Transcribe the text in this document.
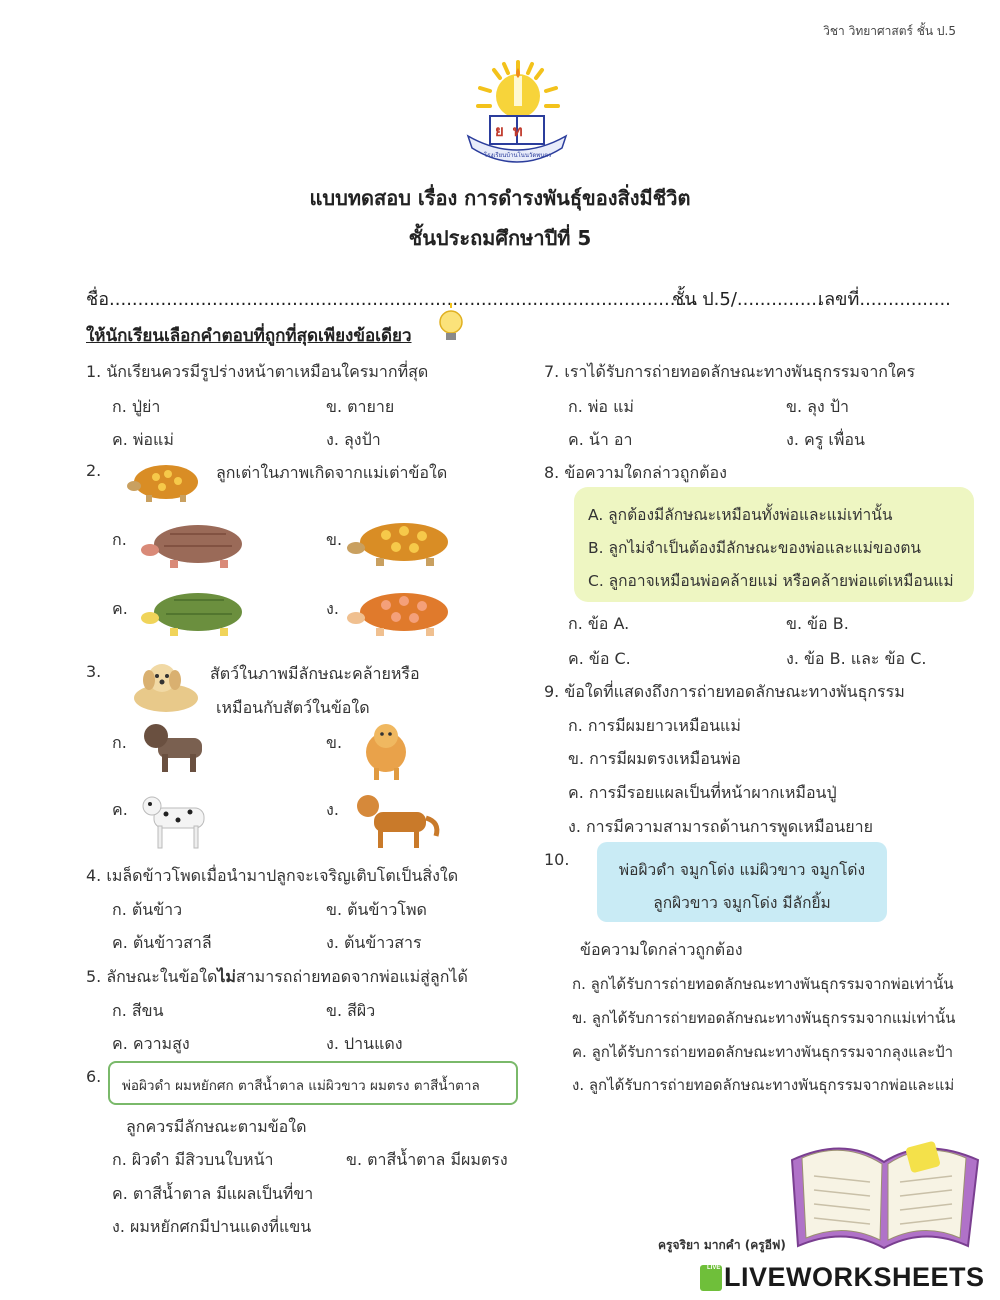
วิชา วิทยาศาสตร์ ชั้น ป.5
ยท
โรงเรียนบ้านโนนวัดพนตร
แบบทดสอบ เรื่อง การดำรงพันธุ์ของสิ่งมีชีวิต
ชั้นประถมศึกษาปีที่ 5
ชื่อ.......................................................................................................
ชั้น ป.5/...............
เลขที่................
ให้นักเรียนเลือกคำตอบที่ถูกที่สุดเพียงข้อเดียว
1. นักเรียนควรมีรูปร่างหน้าตาเหมือนใครมากที่สุด
ก. ปู่ย่า	ข. ตายาย
ค. พ่อแม่	ง. ลุงป้า
2.	ลูกเต่าในภาพเกิดจากแม่เต่าข้อใด
ก.	ข.
ค.	ง.
3.	สัตว์ในภาพมีลักษณะคล้ายหรือ
เหมือนกับสัตว์ในข้อใด
ก.	ข.
ค.	ง.
4. เมล็ดข้าวโพดเมื่อนำมาปลูกจะเจริญเติบโตเป็นสิ่งใด
ก. ต้นข้าว	ข. ต้นข้าวโพด
ค. ต้นข้าวสาลี	ง. ต้นข้าวสาร
5. ลักษณะในข้อใดไม่สามารถถ่ายทอดจากพ่อแม่สู่ลูกได้
ก. สีขน	ข. สีผิว
ค. ความสูง	ง. ปานแดง
6. พ่อผิวดำ ผมหยักศก ตาสีน้ำตาล แม่ผิวขาว ผมตรง ตาสีน้ำตาล
ลูกควรมีลักษณะตามข้อใด
ก. ผิวดำ มีสิวบนใบหน้า	ข. ตาสีน้ำตาล มีผมตรง
ค. ตาสีน้ำตาล มีแผลเป็นที่ขา
ง. ผมหยักศกมีปานแดงที่แขน
7. เราได้รับการถ่ายทอดลักษณะทางพันธุกรรมจากใคร
ก. พ่อ แม่	ข. ลุง ป้า
ค. น้า อา	ง. ครู เพื่อน
8. ข้อความใดกล่าวถูกต้อง
A. ลูกต้องมีลักษณะเหมือนทั้งพ่อและแม่เท่านั้น
B. ลูกไม่จำเป็นต้องมีลักษณะของพ่อและแม่ของตน
C. ลูกอาจเหมือนพ่อคล้ายแม่ หรือคล้ายพ่อแต่เหมือนแม่
ก. ข้อ A.	ข. ข้อ B.
ค. ข้อ C.	ง. ข้อ B. และ ข้อ C.
9. ข้อใดที่แสดงถึงการถ่ายทอดลักษณะทางพันธุกรรม
ก. การมีผมยาวเหมือนแม่
ข. การมีผมตรงเหมือนพ่อ
ค. การมีรอยแผลเป็นที่หน้าผากเหมือนปู่
ง. การมีความสามารถด้านการพูดเหมือนยาย
10.
พ่อผิวดำ จมูกโด่ง แม่ผิวขาว จมูกโด่ง
ลูกผิวขาว จมูกโด่ง มีลักยิ้ม
ข้อความใดกล่าวถูกต้อง
ก. ลูกได้รับการถ่ายทอดลักษณะทางพันธุกรรมจากพ่อเท่านั้น
ข. ลูกได้รับการถ่ายทอดลักษณะทางพันธุกรรมจากแม่เท่านั้น
ค. ลูกได้รับการถ่ายทอดลักษณะทางพันธุกรรมจากลุงและป้า
ง. ลูกได้รับการถ่ายทอดลักษณะทางพันธุกรรมจากพ่อและแม่
ครูจริยา มากคำ (ครูอีฟ)
LIVE LIVEWORKSHEETS
